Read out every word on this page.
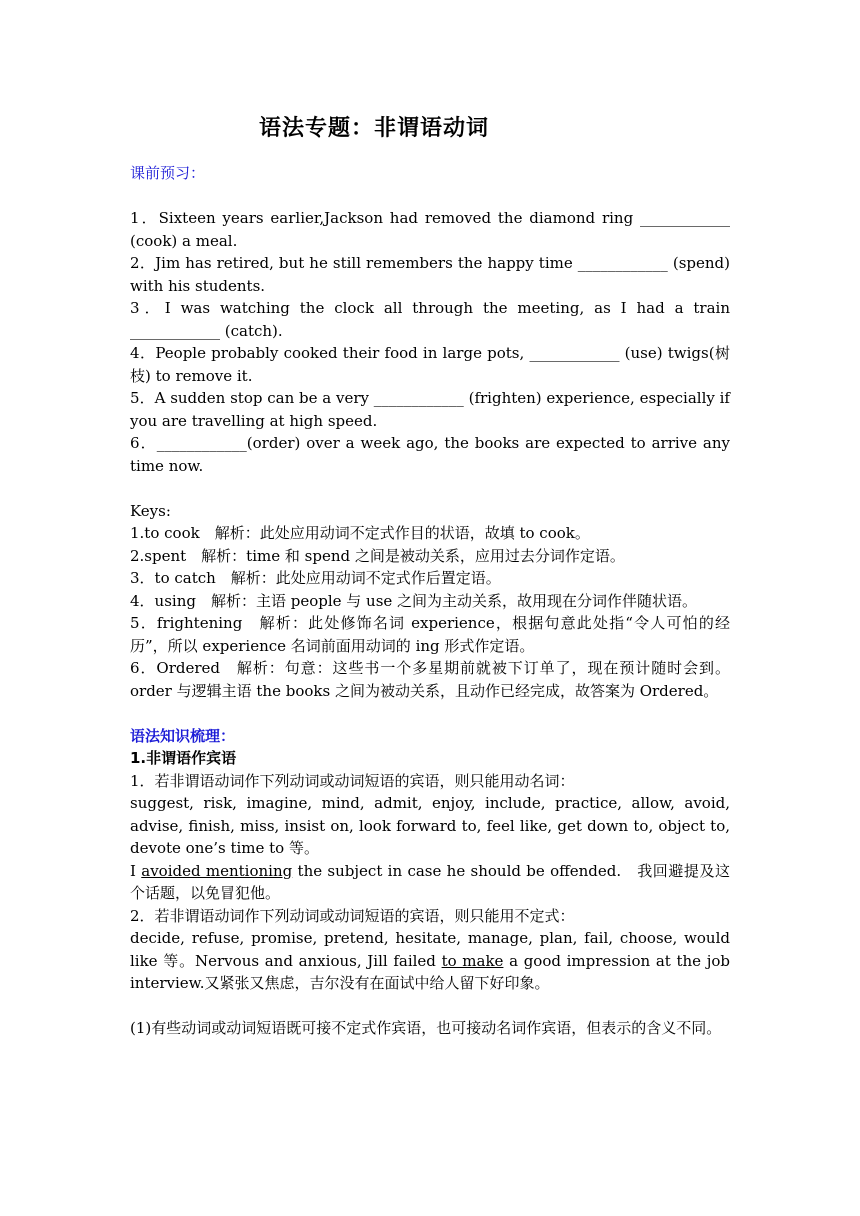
语法专题：非谓语动词

课前预习：

1．Sixteen years earlier,Jackson had removed the diamond ring ____________ (cook) a meal.

2．Jim has retired, but he still remembers the happy time ____________ (spend) with his students.

3．I was watching the clock all through the meeting, as I had a train ____________ (catch).

4．People probably cooked their food in large pots, ____________ (use) twigs(树枝) to remove it.

5．A sudden stop can be a very ____________ (frighten) experience, especially if you are travelling at high speed.

6．____________(order) over a week ago, the books are expected to arrive any time now.

Keys:

1.to cook　解析：此处应用动词不定式作目的状语，故填 to cook。

2.spent　解析：time 和 spend 之间是被动关系，应用过去分词作定语。

3．to catch　解析：此处应用动词不定式作后置定语。

4．using　解析：主语 people 与 use 之间为主动关系，故用现在分词作伴随状语。

5．frightening　解析：此处修饰名词 experience，根据句意此处指“令人可怕的经历”，所以 experience 名词前面用动词的 ing 形式作定语。

6．Ordered　解析：句意：这些书一个多星期前就被下订单了，现在预计随时会到。order 与逻辑主语 the books 之间为被动关系，且动作已经完成，故答案为 Ordered。

语法知识梳理：

1.非谓语作宾语

1．若非谓语动词作下列动词或动词短语的宾语，则只能用动名词：

suggest, risk, imagine, mind, admit, enjoy, include, practice, allow, avoid, advise, finish, miss, insist on, look forward to, feel like, get down to, object to, devote one’s time to 等。

I avoided mentioning the subject in case he should be offended.　我回避提及这个话题，以免冒犯他。

2．若非谓语动词作下列动词或动词短语的宾语，则只能用不定式：

decide, refuse, promise, pretend, hesitate, manage, plan, fail, choose, would like 等。Nervous and anxious, Jill failed to make a good impression at the job interview.又紧张又焦虑，吉尔没有在面试中给人留下好印象。

(1)有些动词或动词短语既可接不定式作宾语，也可接动名词作宾语，但表示的含义不同。
